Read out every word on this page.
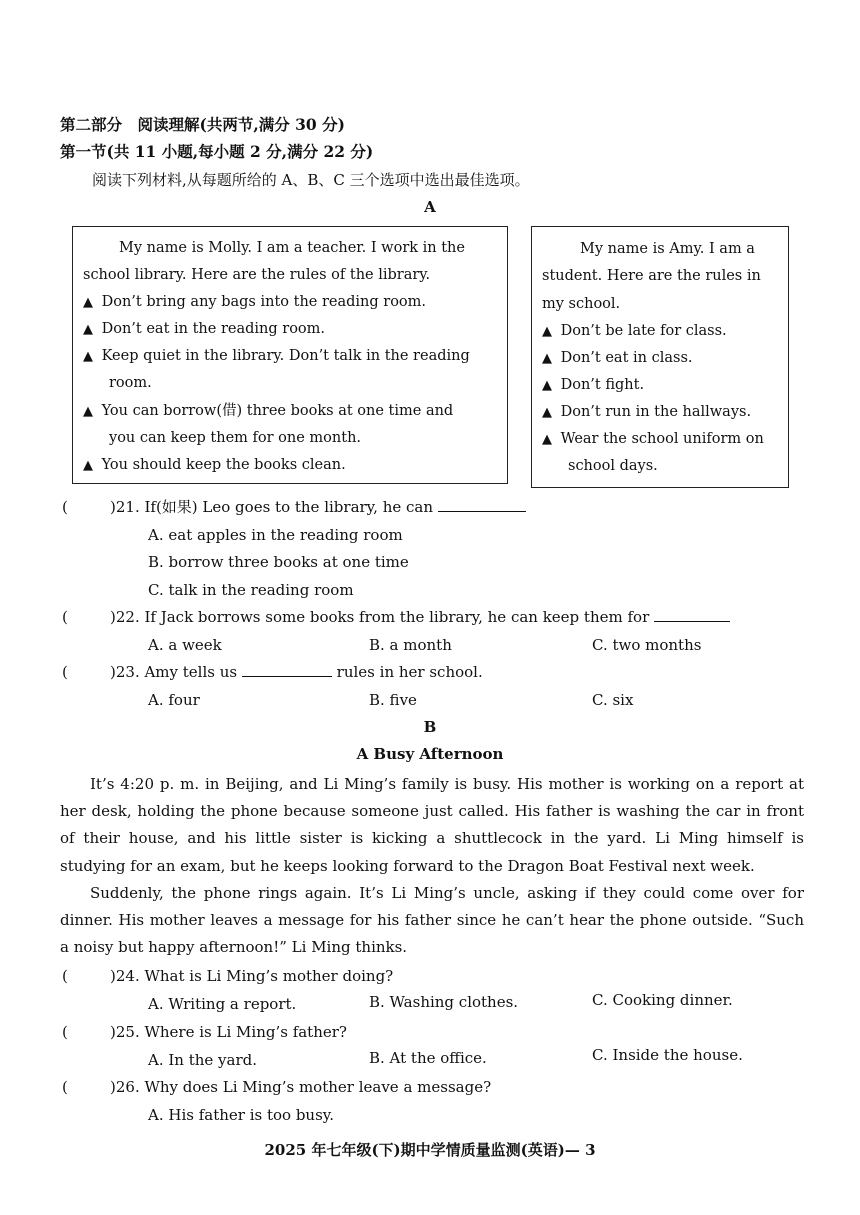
第二部分　阅读理解(共两节,满分 30 分)
第一节(共 11 小题,每小题 2 分,满分 22 分)
阅读下列材料,从每题所给的 A、B、C 三个选项中选出最佳选项。
A
My name is Molly. I am a teacher. I work in the
school library. Here are the rules of the library.
▲ Don’t bring any bags into the reading room.
▲ Don’t eat in the reading room.
▲ Keep quiet in the library. Don’t talk in the reading
room.
▲ You can borrow(借) three books at one time and
you can keep them for one month.
▲ You should keep the books clean.
My name is Amy. I am a
student. Here are the rules in
my school.
▲ Don’t be late for class.
▲ Don’t eat in class.
▲ Don’t fight.
▲ Don’t run in the hallways.
▲ Wear the school uniform on
school days.
(	)21. If(如果) Leo goes to the library, he can
A. eat apples in the reading room
B. borrow three books at one time
C. talk in the reading room
(	)22. If Jack borrows some books from the library, he can keep them for
A. a week	B. a month	C. two months
(	)23. Amy tells us	rules in her school.
A. four	B. five	C. six
B
A Busy Afternoon

It’s 4:20 p. m. in Beijing, and Li Ming’s family is busy. His mother is working on a report at her desk, holding the phone because someone just called. His father is washing the car in front of their house, and his little sister is kicking a shuttlecock in the yard. Li Ming himself is studying for an exam, but he keeps looking forward to the Dragon Boat Festival next week.

Suddenly, the phone rings again. It’s Li Ming’s uncle, asking if they could come over for dinner. His mother leaves a message for his father since he can’t hear the phone outside. “Such a noisy but happy afternoon!” Li Ming thinks.

(	)24. What is Li Ming’s mother doing?
A. Writing a report.	B. Washing clothes.	C. Cooking dinner.
(	)25. Where is Li Ming’s father?
A. In the yard.	B. At the office.	C. Inside the house.
(	)26. Why does Li Ming’s mother leave a message?
A. His father is too busy.
2025 年七年级(下)期中学情质量监测(英语)— 3
